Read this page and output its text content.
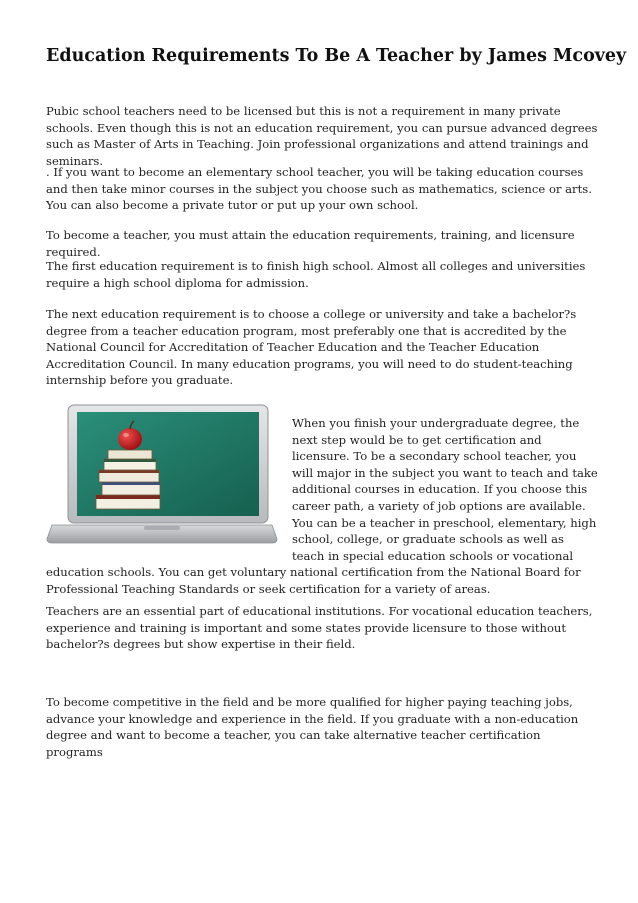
Education Requirements To Be A Teacher by James Mcovey

Pubic school teachers need to be licensed but this is not a requirement in many private schools. Even though this is not an education requirement, you can pursue advanced degrees such as Master of Arts in Teaching. Join professional organizations and attend trainings and seminars.

. If you want to become an elementary school teacher, you will be taking education courses and then take minor courses in the subject you choose such as mathematics, science or arts. You can also become a private tutor or put up your own school.

To become a teacher, you must attain the education requirements, training, and licensure required.

The first education requirement is to finish high school. Almost all colleges and universities require a high school diploma for admission.

The next education requirement is to choose a college or university and take a bachelor?s degree from a teacher education program, most preferably one that is accredited by the National Council for Accreditation of Teacher Education and the Teacher Education Accreditation Council. In many education programs, you will need to do student-teaching internship before you graduate.

When you finish your undergraduate degree, the next step would be to get certification and licensure. To be a secondary school teacher, you will major in the subject you want to teach and take additional courses in education. If you choose this career path, a variety of job options are available. You can be a teacher in preschool, elementary, high school, college, or graduate schools as well as teach in special education schools or vocational education schools. You can get voluntary national certification from the National Board for Professional Teaching Standards or seek certification for a variety of areas.

Teachers are an essential part of educational institutions. For vocational education teachers, experience and training is important and some states provide licensure to those without bachelor?s degrees but show expertise in their field.

To become competitive in the field and be more qualified for higher paying teaching jobs, advance your knowledge and experience in the field. If you graduate with a non-education degree and want to become a teacher, you can take alternative teacher certification programs
